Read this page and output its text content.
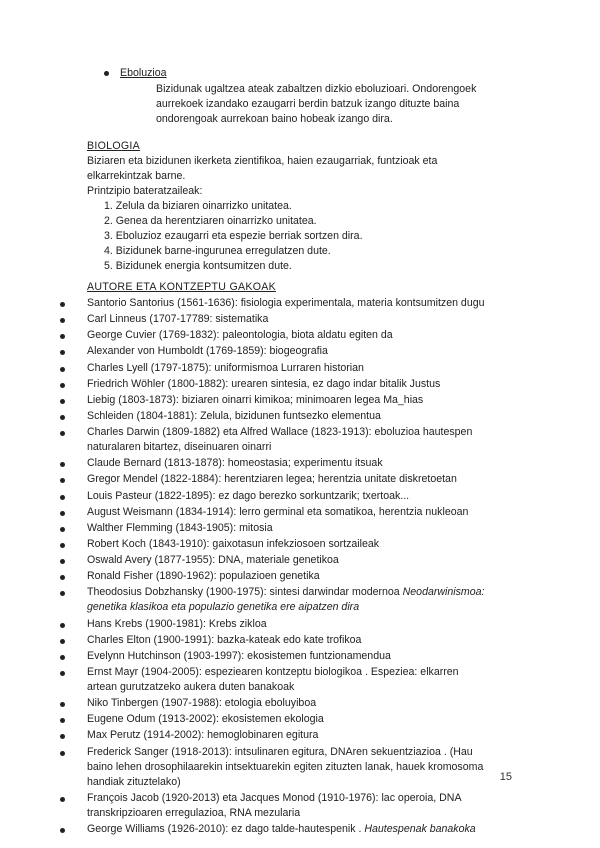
Eboluzioa
Bizidunak ugaltzea ateak zabaltzen dizkio eboluzioari. Ondorengoek
aurrekoek izandako ezaugarri berdin batzuk izango dituzte baina
ondorengoak aurrekoan baino hobeak izango dira.
BIOLOGIA
Biziaren eta bizidunen ikerketa zientifikoa, haien ezaugarriak, funtzioak eta
elkarrekintzak barne.
Printzipio bateratzaileak:
1. Zelula da biziaren oinarrizko unitatea.
2. Genea da herentziaren oinarrizko unitatea.
3. Eboluzioz ezaugarri eta espezie berriak sortzen dira.
4. Bizidunek barne-ingurunea erregulatzen dute.
5. Bizidunek energia kontsumitzen dute.
AUTORE ETA KONTZEPTU GAKOAK
Santorio Santorius (1561-1636): fisiologia experimentala, materia kontsumitzen dugu
Carl Linneus (1707-17789: sistematika
George Cuvier (1769-1832): paleontologia, biota aldatu egiten da
Alexander von Humboldt (1769-1859): biogeografia
Charles Lyell (1797-1875): uniformismoa Lurraren historian
Friedrich Wöhler (1800-1882): urearen sintesia, ez dago indar bitalik Justus
Liebig (1803-1873): biziaren oinarri kimikoa; minimoaren legea Ma_hias
Schleiden (1804-1881): Zelula, bizidunen funtsezko elementua
Charles Darwin (1809-1882) eta Alfred Wallace (1823-1913): eboluzioa hautespen
naturalaren bitartez, diseinuaren oinarri
Claude Bernard (1813-1878): homeostasia; experimentu itsuak
Gregor Mendel (1822-1884): herentziaren legea; herentzia unitate diskretoetan
Louis Pasteur (1822-1895): ez dago berezko sorkuntzarik; txertoak...
August Weismann (1834-1914): lerro germinal eta somatikoa, herentzia nukleoan
Walther Flemming (1843-1905): mitosia
Robert Koch (1843-1910): gaixotasun infekziosoen sortzaileak
Oswald Avery (1877-1955): DNA, materiale genetikoa
Ronald Fisher (1890-1962): populazioen genetika
Theodosius Dobzhansky (1900-1975): sintesi darwindar modernoa Neodarwinismoa:
genetika klasikoa eta populazio genetika ere aipatzen dira
Hans Krebs (1900-1981): Krebs zikloa
Charles Elton (1900-1991): bazka-kateak edo kate trofikoa
Evelynn Hutchinson (1903-1997): ekosistemen funtzionamendua
Ernst Mayr (1904-2005): espeziearen kontzeptu biologikoa . Espeziea: elkarren
artean gurutzatzeko aukera duten banakoak
Niko Tinbergen (1907-1988): etologia eboluyiboa
Eugene Odum (1913-2002): ekosistemen ekologia
Max Perutz (1914-2002): hemoglobinaren egitura
Frederick Sanger (1918-2013): intsulinaren egitura, DNAren sekuentziazioa . (Hau
baino lehen drosophilaarekin intsektuarekin egiten zituzten lanak, hauek kromosoma
handiak zituztelako)
François Jacob (1920-2013) eta Jacques Monod (1910-1976): lac operoia, DNA
transkripzioaren erregulazioa, RNA mezularia
George Williams (1926-2010): ez dago talde-hautespenik . Hautespenak banakoka
15
